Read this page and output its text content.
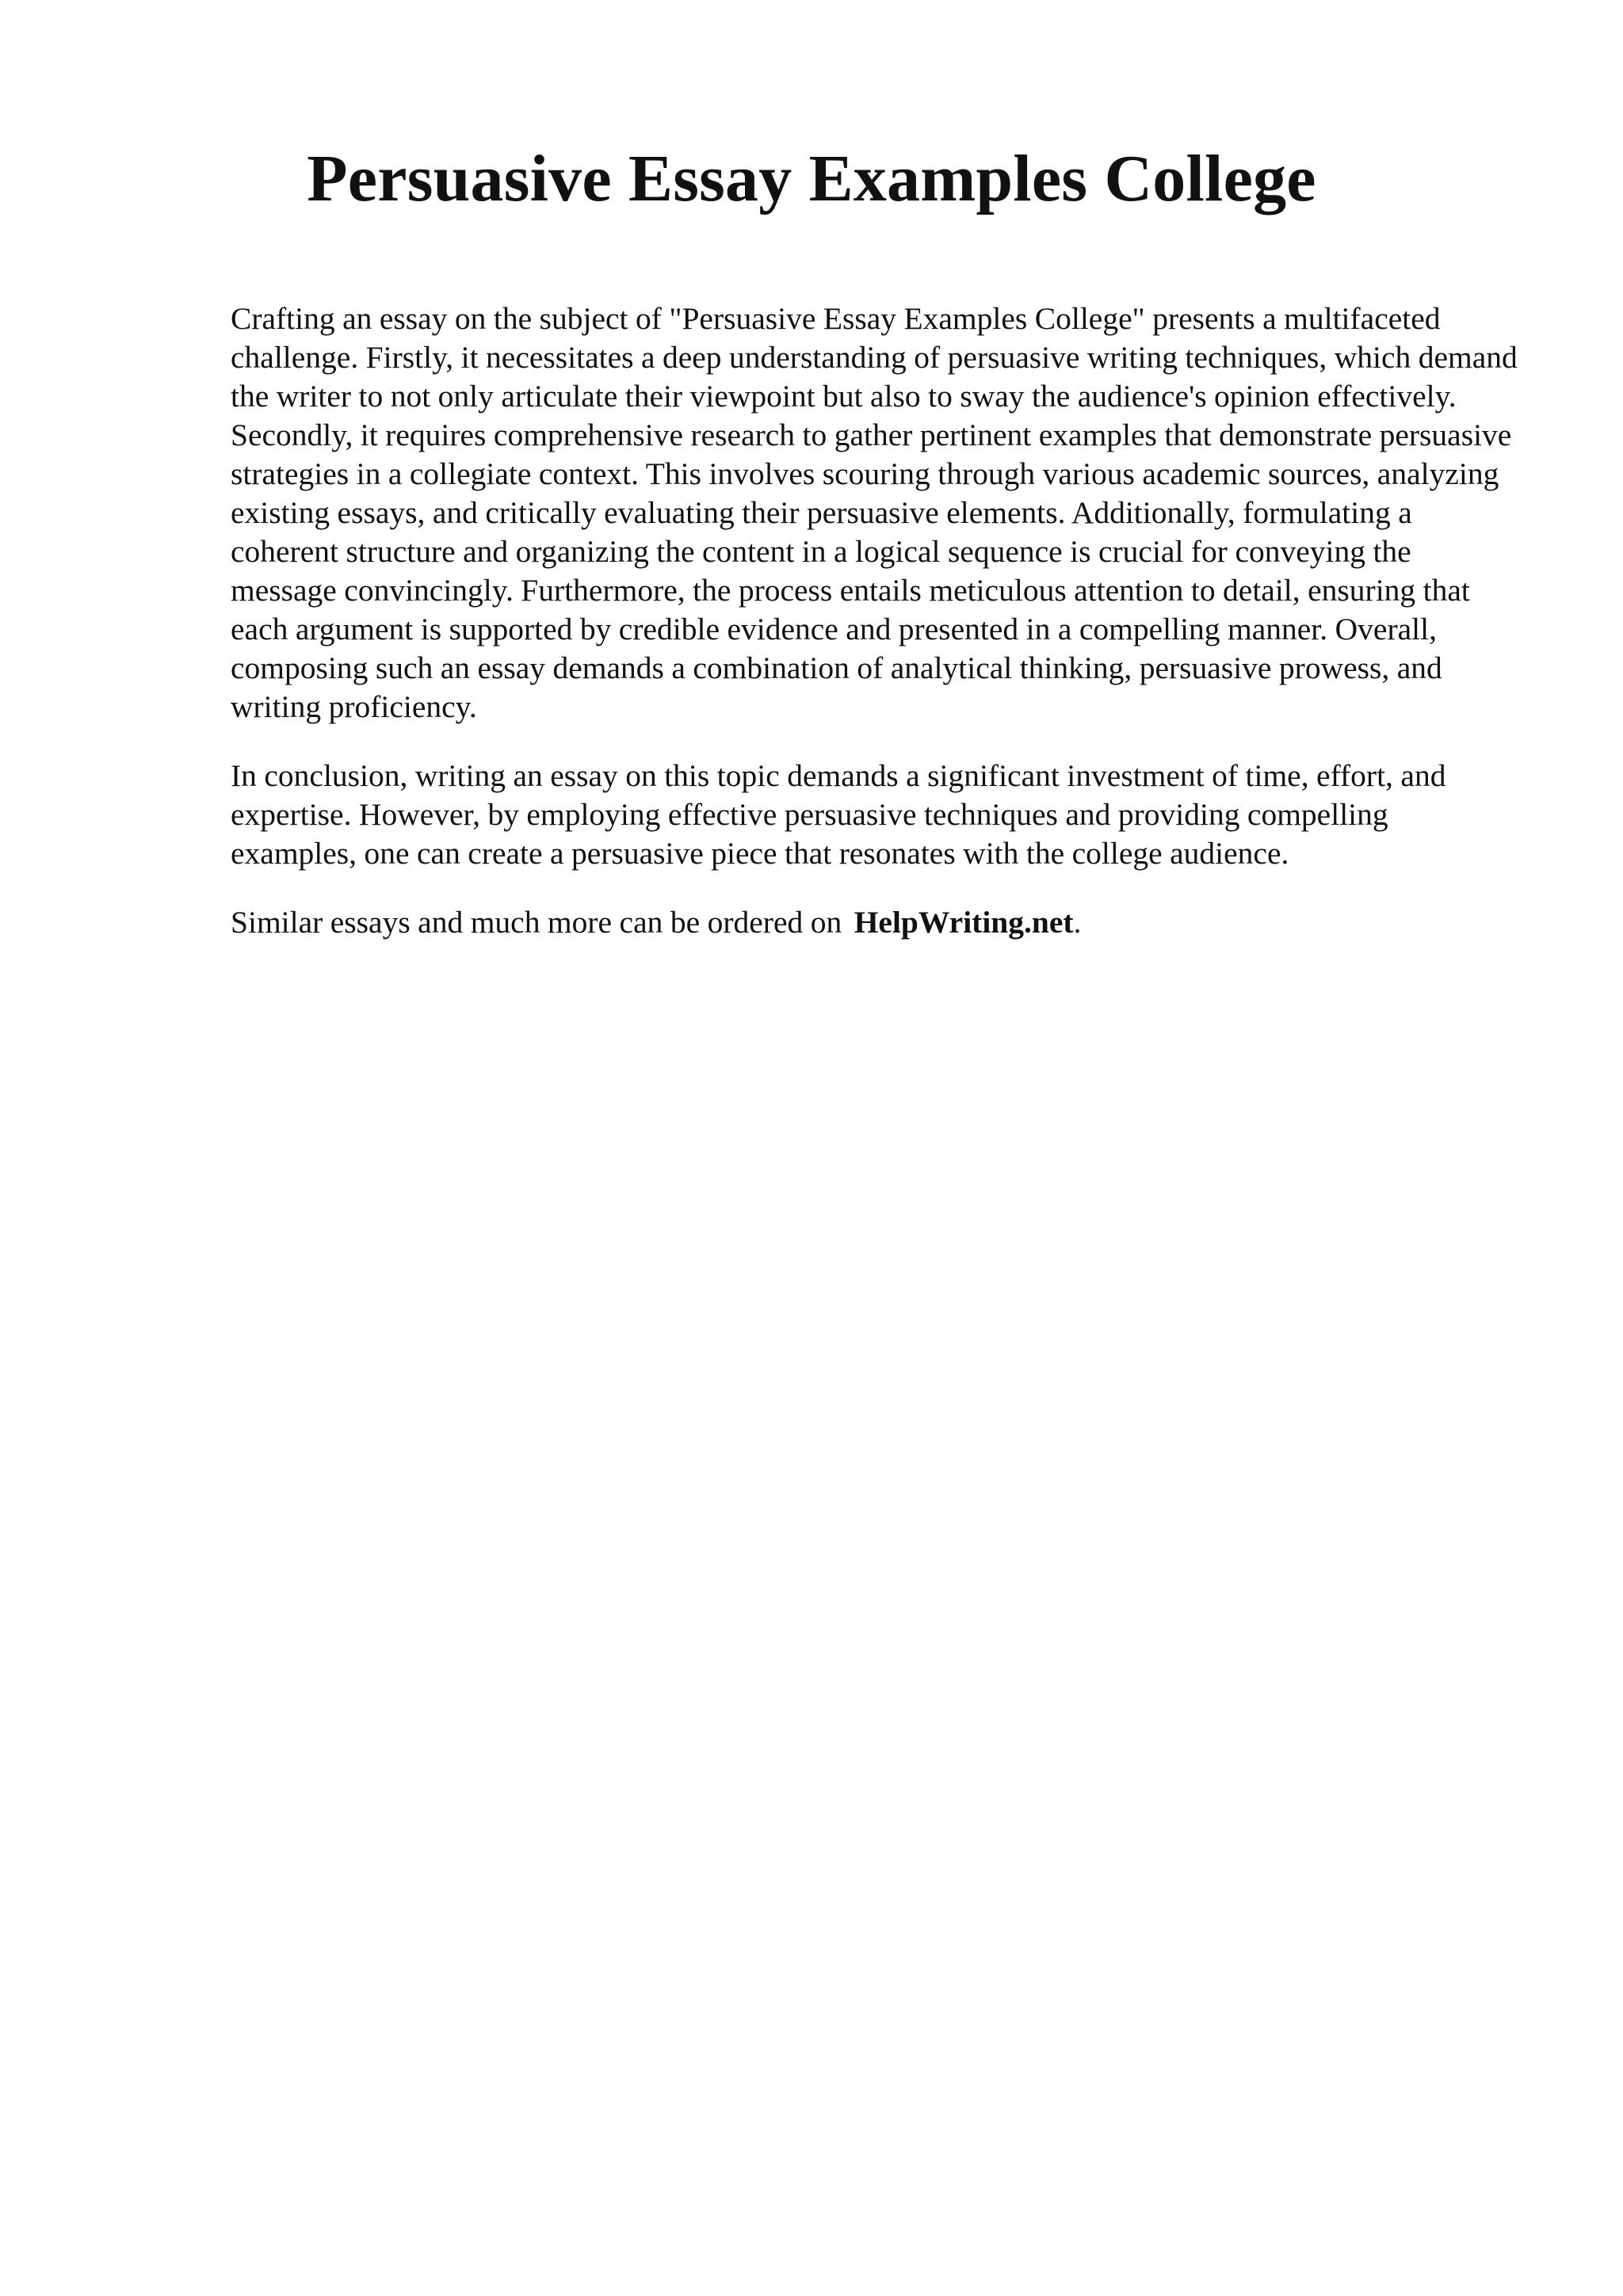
Persuasive Essay Examples College

Crafting an essay on the subject of "Persuasive Essay Examples College" presents a multifaceted challenge. Firstly, it necessitates a deep understanding of persuasive writing techniques, which demand the writer to not only articulate their viewpoint but also to sway the audience's opinion effectively. Secondly, it requires comprehensive research to gather pertinent examples that demonstrate persuasive strategies in a collegiate context. This involves scouring through various academic sources, analyzing existing essays, and critically evaluating their persuasive elements. Additionally, formulating a coherent structure and organizing the content in a logical sequence is crucial for conveying the message convincingly. Furthermore, the process entails meticulous attention to detail, ensuring that each argument is supported by credible evidence and presented in a compelling manner. Overall, composing such an essay demands a combination of analytical thinking, persuasive prowess, and writing proficiency.

In conclusion, writing an essay on this topic demands a significant investment of time, effort, and expertise. However, by employing effective persuasive techniques and providing compelling examples, one can create a persuasive piece that resonates with the college audience.

Similar essays and much more can be ordered on HelpWriting.net.
